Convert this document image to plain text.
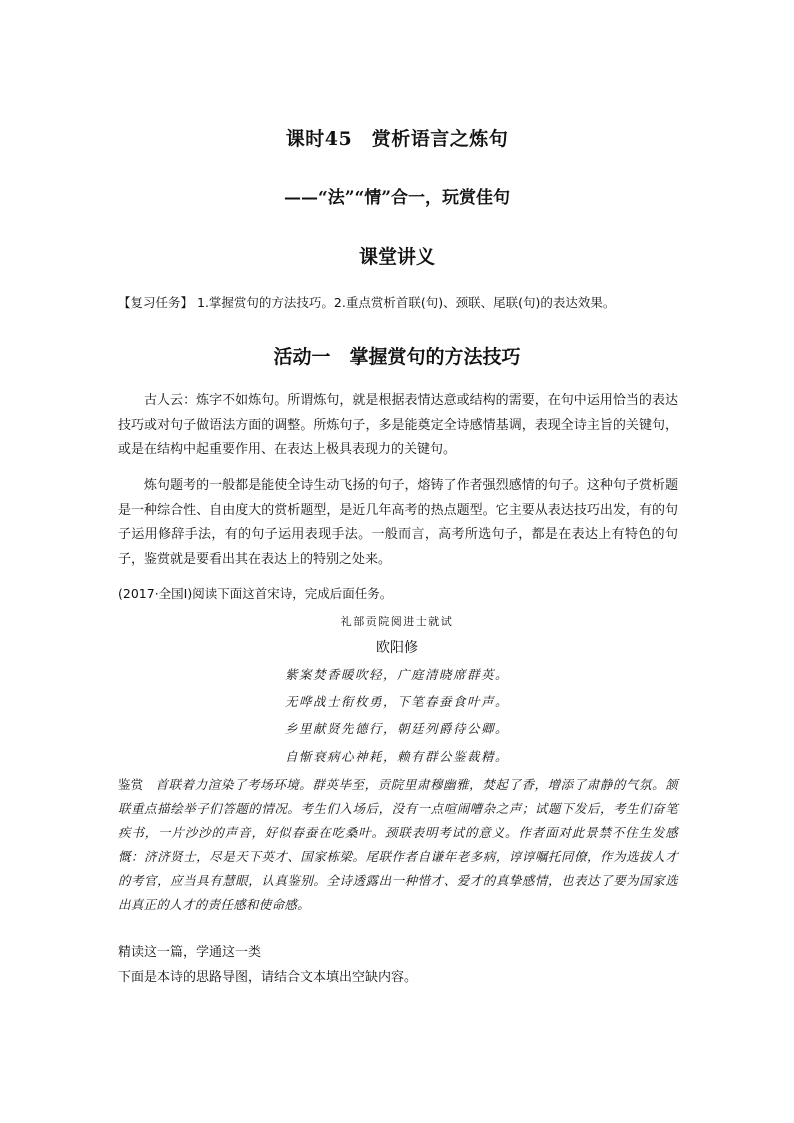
课时45　赏析语言之炼句
——“法”“情”合一，玩赏佳句
课堂讲义
【复习任务】 1.掌握赏句的方法技巧。2.重点赏析首联(句)、颈联、尾联(句)的表达效果。
活动一　掌握赏句的方法技巧
古人云：炼字不如炼句。所谓炼句，就是根据表情达意或结构的需要，在句中运用恰当的表达技巧或对句子做语法方面的调整。所炼句子，多是能奠定全诗感情基调，表现全诗主旨的关键句，或是在结构中起重要作用、在表达上极具表现力的关键句。
炼句题考的一般都是能使全诗生动飞扬的句子，熔铸了作者强烈感情的句子。这种句子赏析题是一种综合性、自由度大的赏析题型，是近几年高考的热点题型。它主要从表达技巧出发，有的句子运用修辞手法，有的句子运用表现手法。一般而言，高考所选句子，都是在表达上有特色的句子，鉴赏就是要看出其在表达上的特别之处来。
(2017·全国Ⅰ)阅读下面这首宋诗，完成后面任务。
礼部贡院阅进士就试
欧阳修
紫案焚香暖吹轻，广庭清晓席群英。
无哗战士衔枚勇，下笔春蚕食叶声。
乡里献贤先德行，朝廷列爵待公卿。
自惭衰病心神耗，赖有群公鉴裁精。
鉴赏 首联着力渲染了考场环境。群英毕至，贡院里肃穆幽雅，焚起了香，增添了肃静的气氛。颔联重点描绘举子们答题的情况。考生们入场后，没有一点喧闹嘈杂之声；试题下发后，考生们奋笔疾书，一片沙沙的声音，好似春蚕在吃桑叶。颈联表明考试的意义。作者面对此景禁不住生发感慨：济济贤士，尽是天下英才、国家栋梁。尾联作者自谦年老多病，谆谆嘱托同僚，作为选拔人才的考官，应当具有慧眼，认真鉴别。全诗透露出一种惜才、爱才的真挚感情，也表达了要为国家选出真正的人才的责任感和使命感。
精读这一篇，学通这一类
下面是本诗的思路导图，请结合文本填出空缺内容。
